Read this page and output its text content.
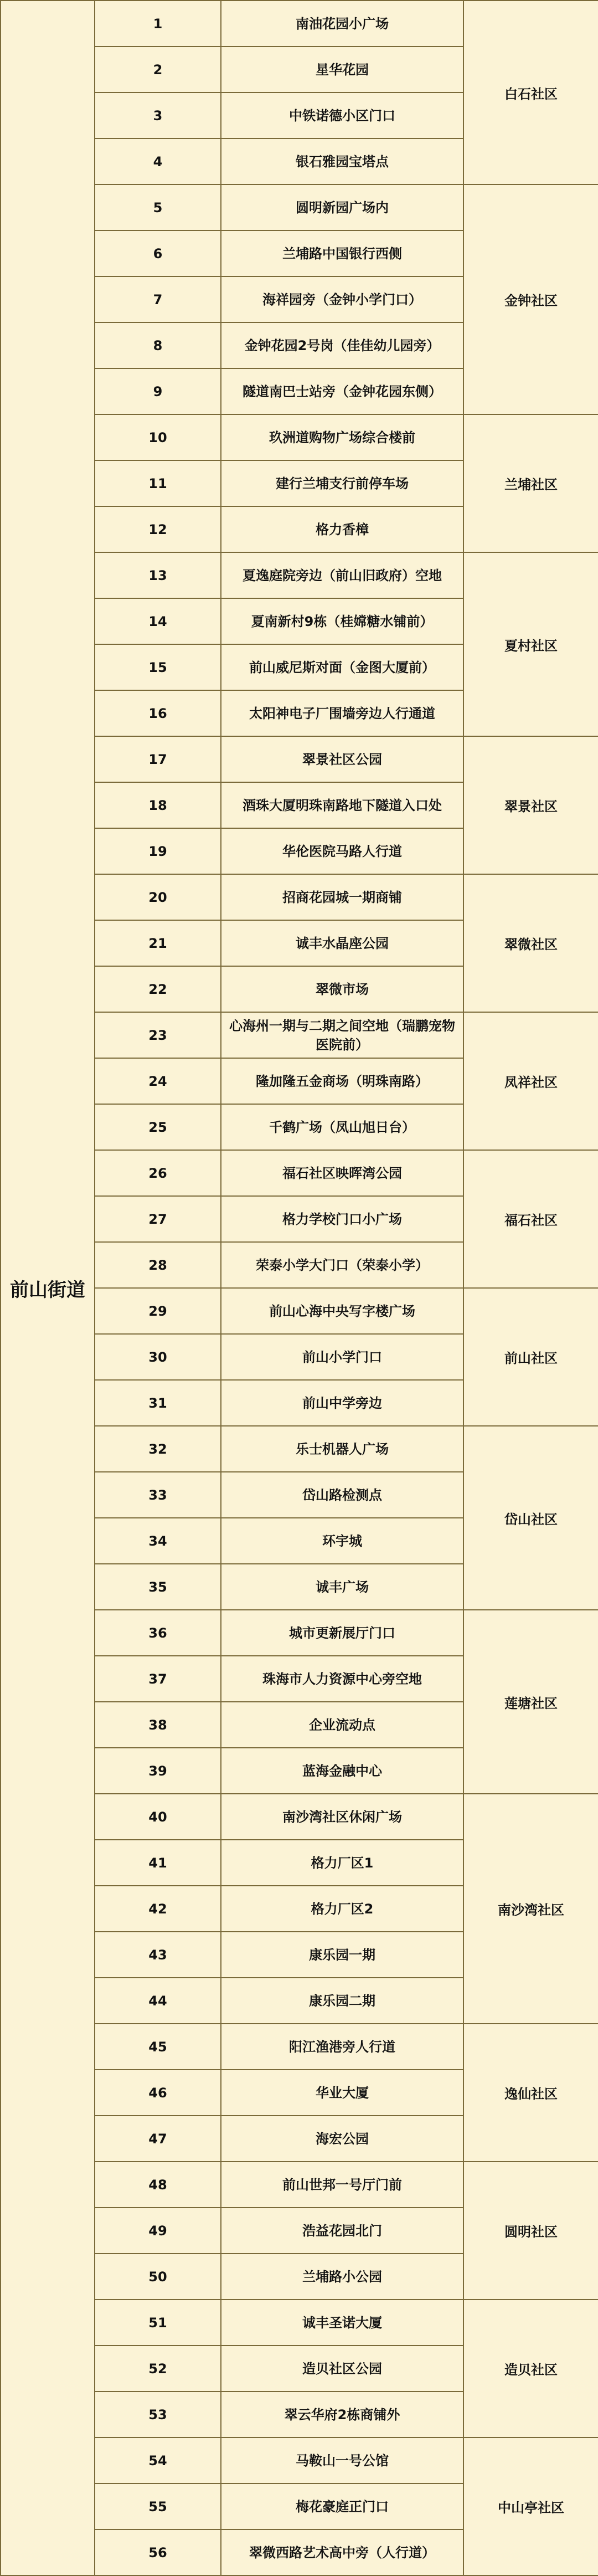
前山街道	1	南油花园小广场	白石社区
	2	星华花园	
	3	中铁诺德小区门口	
	4	银石雅园宝塔点	
	5	圆明新园广场内	金钟社区
	6	兰埔路中国银行西侧	
	7	海祥园旁（金钟小学门口）	
	8	金钟花园2号岗（佳佳幼儿园旁）	
	9	隧道南巴士站旁（金钟花园东侧）	
	10	玖洲道购物广场综合楼前	兰埔社区
	11	建行兰埔支行前停车场	
	12	格力香樟	
	13	夏逸庭院旁边（前山旧政府）空地	夏村社区
	14	夏南新村9栋（桂嫦糖水铺前）	
	15	前山威尼斯对面（金图大厦前）	
	16	太阳神电子厂围墙旁边人行通道	
	17	翠景社区公园	翠景社区
	18	酒珠大厦明珠南路地下隧道入口处	
	19	华伦医院马路人行道	
	20	招商花园城一期商铺	翠微社区
	21	诚丰水晶座公园	
	22	翠微市场	
	23	心海州一期与二期之间空地（瑞鹏宠物医院前）	凤祥社区
	24	隆加隆五金商场（明珠南路）	
	25	千鹤广场（凤山旭日台）	
	26	福石社区映晖湾公园	福石社区
	27	格力学校门口小广场	
	28	荣泰小学大门口（荣泰小学）	
	29	前山心海中央写字楼广场	前山社区
	30	前山小学门口	
	31	前山中学旁边	
	32	乐士机器人广场	岱山社区
	33	岱山路检测点	
	34	环宇城	
	35	诚丰广场	
	36	城市更新展厅门口	莲塘社区
	37	珠海市人力资源中心旁空地	
	38	企业流动点	
	39	蓝海金融中心	
	40	南沙湾社区休闲广场	南沙湾社区
	41	格力厂区1	
	42	格力厂区2	
	43	康乐园一期	
	44	康乐园二期	
	45	阳江渔港旁人行道	逸仙社区
	46	华业大厦	
	47	海宏公园	
	48	前山世邦一号厅门前	圆明社区
	49	浩益花园北门	
	50	兰埔路小公园	
	51	诚丰圣诺大厦	造贝社区
	52	造贝社区公园	
	53	翠云华府2栋商铺外	
	54	马鞍山一号公馆	中山亭社区
	55	梅花豪庭正门口	
	56	翠微西路艺术高中旁（人行道）	
